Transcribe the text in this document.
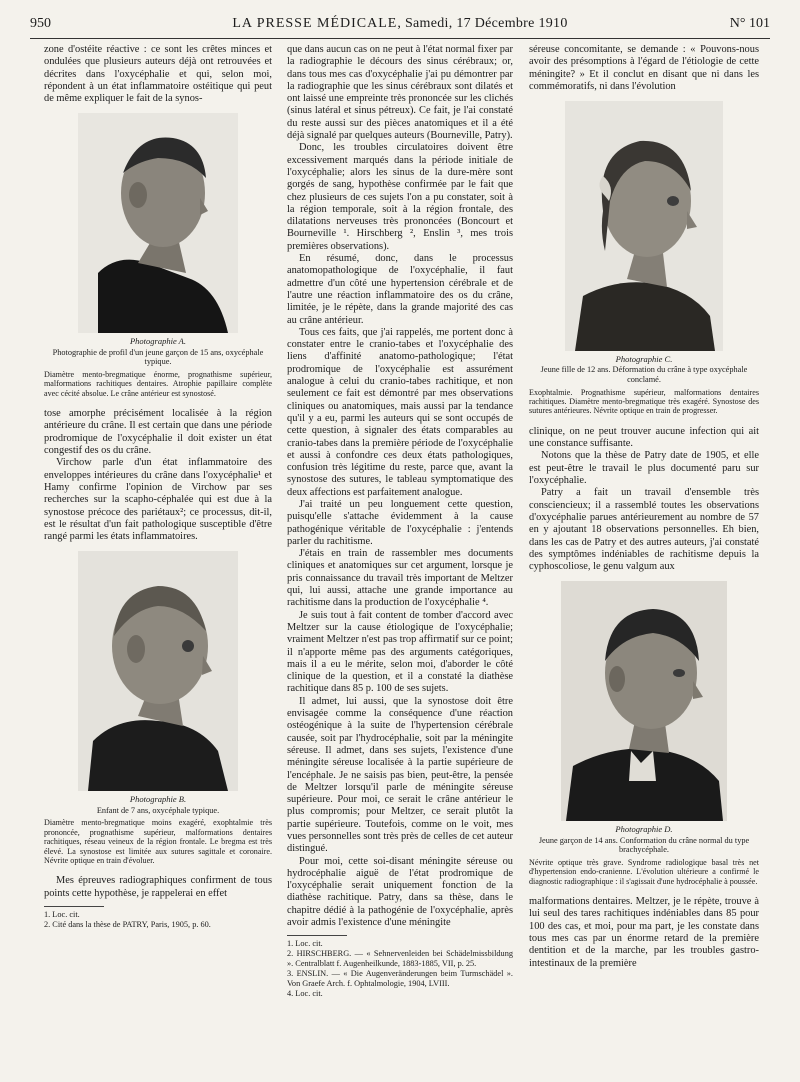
950	LA PRESSE MÉDICALE, Samedi, 17 Décembre 1910	N° 101

zone d'ostéite réactive : ce sont les crêtes minces et ondulées que plusieurs auteurs déjà ont retrouvées et décrites dans l'oxycéphalie et qui, selon moi, répondent à un état inflammatoire ostéitique qui peut de même expliquer le fait de la synos-

Photographie A.
Photographie de profil d'un jeune garçon de 15 ans, oxycéphale typique.
Diamètre mento-bregmatique énorme, prognathisme supérieur, malformations rachitiques dentaires. Atrophie papillaire complète avec cécité absolue. Le crâne antérieur est synostosé.

tose amorphe précisément localisée à la région antérieure du crâne. Il est certain que dans une période prodromique de l'oxycéphalie il doit exister un état congestif des os du crâne.

Virchow parle d'un état inflammatoire des enveloppes intérieures du crâne dans l'oxycéphalie¹ et Hamy confirme l'opinion de Virchow par ses recherches sur la scapho-céphalée qui est due à la synostose précoce des pariétaux²; ce processus, dit-il, est le résultat d'un fait pathologique susceptible d'être rangé parmi les états inflammatoires.

Photographie B.
Enfant de 7 ans, oxycéphale typique.
Diamètre mento-bregmatique moins exagéré, exophtalmie très prononcée, prognathisme supérieur, malformations dentaires rachitiques, réseau veineux de la région frontale. Le bregma est très élevé. La synostose est limitée aux sutures sagittale et coronaire. Névrite optique en train d'évoluer.

Mes épreuves radiographiques confirment de tous points cette hypothèse, je rappelerai en effet

1. Loc. cit.
2. Cité dans la thèse de PATRY, Paris, 1905, p. 60.

que dans aucun cas on ne peut à l'état normal fixer par la radiographie le décours des sinus cérébraux; or, dans tous mes cas d'oxycéphalie j'ai pu démontrer par la radiographie que les sinus cérébraux sont dilatés et ont laissé une empreinte très prononcée sur les clichés (sinus latéral et sinus pétreux). Ce fait, je l'ai constaté du reste aussi sur des pièces anatomiques et il a été déjà signalé par quelques auteurs (Bourneville, Patry).

Donc, les troubles circulatoires doivent être excessivement marqués dans la période initiale de l'oxycéphalie; alors les sinus de la dure-mère sont gorgés de sang, hypothèse confirmée par le fait que chez plusieurs de ces sujets l'on a pu constater, soit à la région temporale, soit à la région frontale, des dilatations nerveuses très prononcées (Boncourt et Bourneville ¹. Hirschberg ², Enslin ³, mes trois premières observations).

En résumé, donc, dans le processus anatomopathologique de l'oxycéphalie, il faut admettre d'un côté une hypertension cérébrale et de l'autre une réaction inflammatoire des os du crâne, limitée, je le répète, dans la grande majorité des cas au crâne antérieur.

Tous ces faits, que j'ai rappelés, me portent donc à constater entre le cranio-tabes et l'oxycéphalie des liens d'affinité anatomo-pathologique; l'état prodromique de l'oxycéphalie est assurément analogue à celui du cranio-tabes rachitique, et non seulement ce fait est démontré par mes observations cliniques ou anatomiques, mais aussi par la tendance qu'il y a eu, parmi les auteurs qui se sont occupés de cette question, à signaler des états comparables au cranio-tabes dans la première période de l'oxycéphalie et aussi à confondre ces deux états pathologiques, confusion très légitime du reste, parce que, avant la synostose des sutures, le tableau symptomatique des deux affections est parfaitement analogue.

J'ai traité un peu longuement cette question, puisqu'elle s'attache évidemment à la cause pathogénique véritable de l'oxycéphalie : j'entends parler du rachitisme.

J'étais en train de rassembler mes documents cliniques et anatomiques sur cet argument, lorsque je pris connaissance du travail très important de Meltzer qui, lui aussi, attache une grande importance au rachitisme dans la production de l'oxycéphalie ⁴.

Je suis tout à fait content de tomber d'accord avec Meltzer sur la cause étiologique de l'oxycéphalie; vraiment Meltzer n'est pas trop affirmatif sur ce point; il n'apporte même pas des arguments catégoriques, mais il a eu le mérite, selon moi, d'aborder le côté clinique de la question, et il a constaté la diathèse rachitique dans 85 p. 100 de ses sujets.

Il admet, lui aussi, que la synostose doit être envisagée comme la conséquence d'une réaction ostéogénique à la suite de l'hypertension cérébrale causée, soit par l'hydrocéphalie, soit par la méningite séreuse. Il admet, dans ses sujets, l'existence d'une méningite séreuse localisée à la partie supérieure de l'encéphale. Je ne saisis pas bien, peut-être, la pensée de Meltzer lorsqu'il parle de méningite séreuse supérieure. Pour moi, ce serait le crâne antérieur le plus compromis; pour Meltzer, ce serait plutôt la partie supérieure. Toutefois, comme on le voit, mes vues personnelles sont très près de celles de cet auteur distingué.

Pour moi, cette soi-disant méningite séreuse ou hydrocéphalie aiguë de l'état prodromique de l'oxycéphalie serait uniquement fonction de la diathèse rachitique. Patry, dans sa thèse, dans le chapitre dédié à la pathogénie de l'oxycéphalie, après avoir admis l'existence d'une méningite

1. Loc. cit.
2. HIRSCHBERG. — « Sehnervenleiden bei Schädelmissbildung ». Centralblatt f. Augenheilkunde, 1883-1885, VII, p. 25.
3. ENSLIN. — « Die Augenveränderungen beim Turmschädel ». Von Graefe Arch. f. Ophtalmologie, 1904, LVIII.
4. Loc. cit.

séreuse concomitante, se demande : « Pouvons-nous avoir des présomptions à l'égard de l'étiologie de cette méningite? » Et il conclut en disant que ni dans les commémoratifs, ni dans l'évolution

Photographie C.
Jeune fille de 12 ans. Déformation du crâne à type oxycéphale conclamé.
Exophtalmie. Prognathisme supérieur, malformations dentaires rachitiques. Diamètre mento-bregmatique très exagéré. Synostose des sutures antérieures. Névrite optique en train de progresser.

clinique, on ne peut trouver aucune infection qui ait une constance suffisante.

Notons que la thèse de Patry date de 1905, et elle est peut-être le travail le plus documenté paru sur l'oxycéphalie.

Patry a fait un travail d'ensemble très consciencieux; il a rassemblé toutes les observations d'oxycéphalie parues antérieurement au nombre de 57 en y ajoutant 18 observations personnelles. Eh bien, dans les cas de Patry et des autres auteurs, j'ai constaté des symptômes indéniables de rachitisme depuis la cyphoscoliose, le genu valgum aux

Photographie D.
Jeune garçon de 14 ans. Conformation du crâne normal du type brachycéphale.
Névrite optique très grave. Syndrome radiologique basal très net d'hypertension endo-cranienne. L'évolution ultérieure a confirmé le diagnostic radiographique : il s'agissait d'une hydrocéphalie à poussée.

malformations dentaires. Meltzer, je le répète, trouve à lui seul des tares rachitiques indéniables dans 85 pour 100 des cas, et moi, pour ma part, je les constate dans tous mes cas par un énorme retard de la première dentition et de la marche, par les troubles gastro-intestinaux de la première
